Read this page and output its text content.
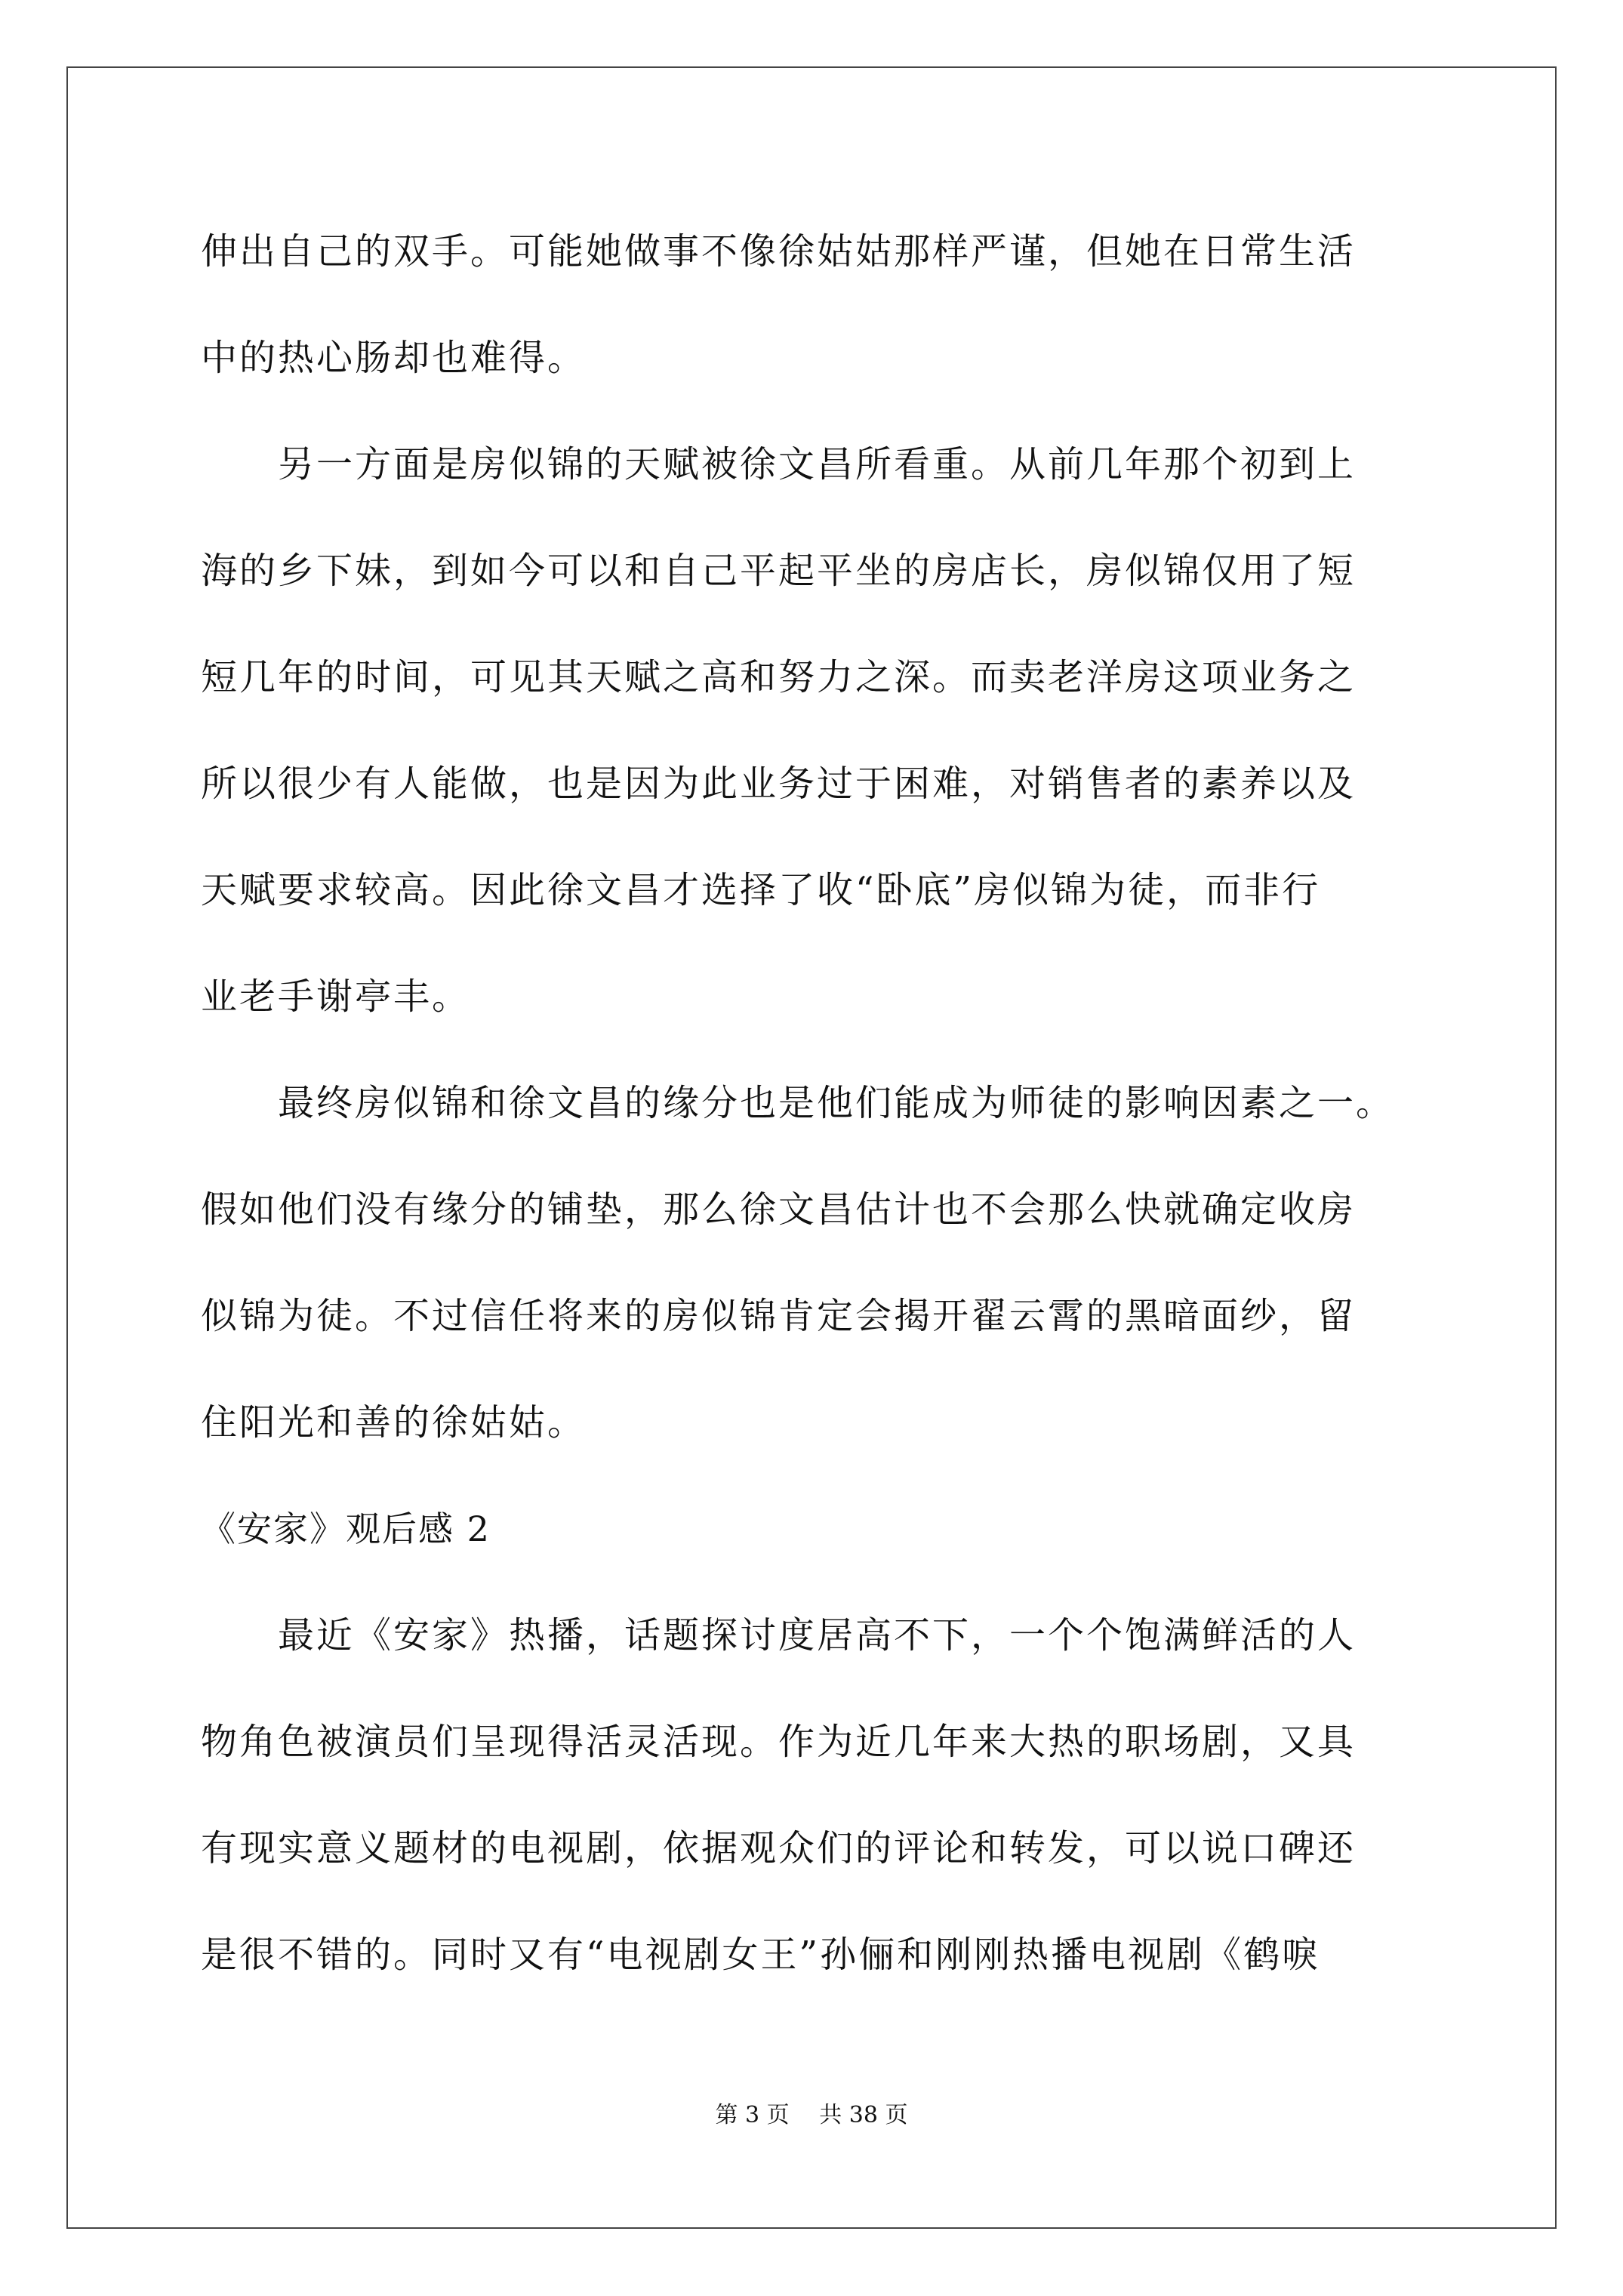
伸出自己的双手。可能她做事不像徐姑姑那样严谨，但她在日常生活

中的热心肠却也难得。

　　另一方面是房似锦的天赋被徐文昌所看重。从前几年那个初到上

海的乡下妹，到如今可以和自己平起平坐的房店长，房似锦仅用了短

短几年的时间，可见其天赋之高和努力之深。而卖老洋房这项业务之

所以很少有人能做，也是因为此业务过于困难，对销售者的素养以及

天赋要求较高。因此徐文昌才选择了收“卧底”房似锦为徒，而非行

业老手谢亭丰。

　　最终房似锦和徐文昌的缘分也是他们能成为师徒的影响因素之一。

假如他们没有缘分的铺垫，那么徐文昌估计也不会那么快就确定收房

似锦为徒。不过信任将来的房似锦肯定会揭开翟云霄的黑暗面纱，留

住阳光和善的徐姑姑。

《安家》观后感 2

　　最近《安家》热播，话题探讨度居高不下，一个个饱满鲜活的人

物角色被演员们呈现得活灵活现。作为近几年来大热的职场剧，又具

有现实意义题材的电视剧，依据观众们的评论和转发，可以说口碑还

是很不错的。同时又有“电视剧女王”孙俪和刚刚热播电视剧《鹤唳

第 3 页　 共 38 页
